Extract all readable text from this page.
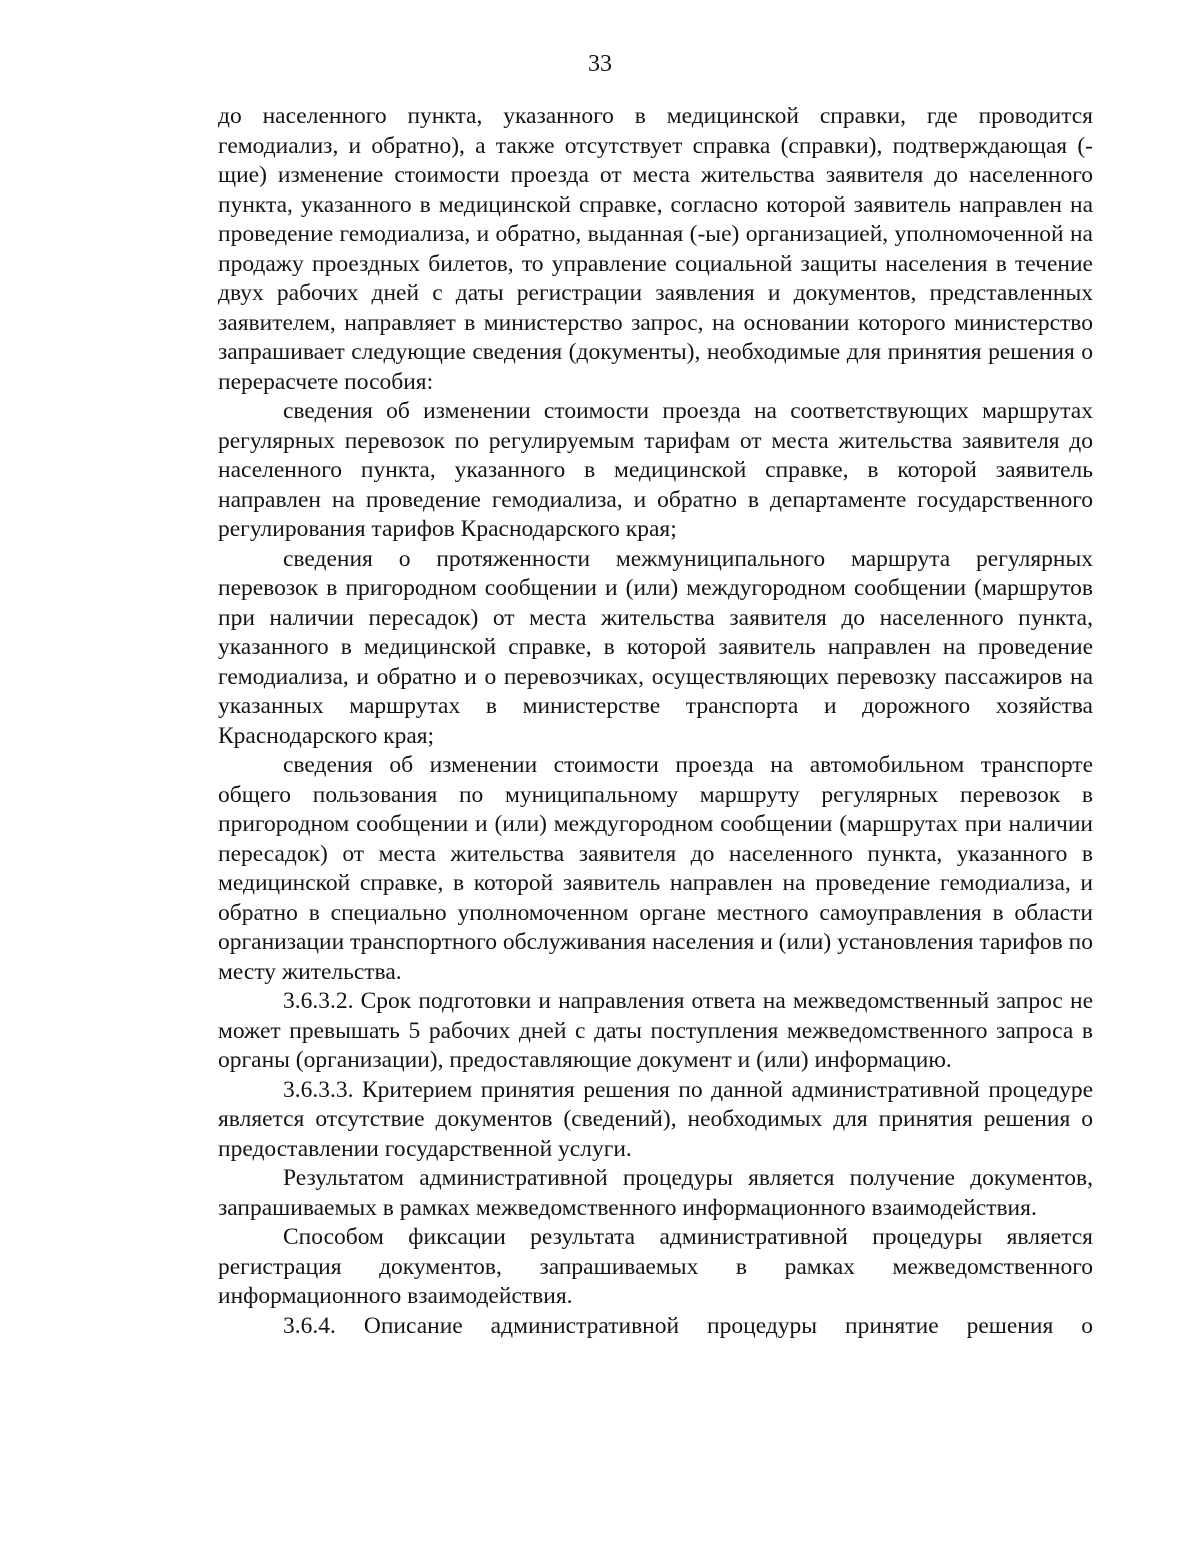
33

до населенного пункта, указанного в медицинской справки, где проводится гемодиализ, и обратно), а также отсутствует справка (справки), подтверждающая (-щие) изменение стоимости проезда от места жительства заявителя до населенного пункта, указанного в медицинской справке, согласно которой заявитель направлен на проведение гемодиализа, и обратно, выданная (-ые) организацией, уполномоченной на продажу проездных билетов, то управление социальной защиты населения в течение двух рабочих дней с даты регистрации заявления и документов, представленных заявителем, направляет в министерство запрос, на основании которого министерство запрашивает следующие сведения (документы), необходимые для принятия решения о перерасчете пособия:

сведения об изменении стоимости проезда на соответствующих маршрутах регулярных перевозок по регулируемым тарифам от места жительства заявителя до населенного пункта, указанного в медицинской справке, в которой заявитель направлен на проведение гемодиализа, и обратно в департаменте государственного регулирования тарифов Краснодарского края;

сведения о протяженности межмуниципального маршрута регулярных перевозок в пригородном сообщении и (или) междугородном сообщении (маршрутов при наличии пересадок) от места жительства заявителя до населенного пункта, указанного в медицинской справке, в которой заявитель направлен на проведение гемодиализа, и обратно и о перевозчиках, осуществляющих перевозку пассажиров на указанных маршрутах в министерстве транспорта и дорожного хозяйства Краснодарского края;

сведения об изменении стоимости проезда на автомобильном транспорте общего пользования по муниципальному маршруту регулярных перевозок в пригородном сообщении и (или) междугородном сообщении (маршрутах при наличии пересадок) от места жительства заявителя до населенного пункта, указанного в медицинской справке, в которой заявитель направлен на проведение гемодиализа, и обратно в специально уполномоченном органе местного самоуправления в области организации транспортного обслуживания населения и (или) установления тарифов по месту жительства.

3.6.3.2. Срок подготовки и направления ответа на межведомственный запрос не может превышать 5 рабочих дней с даты поступления межведомственного запроса в органы (организации), предоставляющие документ и (или) информацию.

3.6.3.3. Критерием принятия решения по данной административной процедуре является отсутствие документов (сведений), необходимых для принятия решения о предоставлении государственной услуги.

Результатом административной процедуры является получение документов, запрашиваемых в рамках межведомственного информационного взаимодействия.

Способом фиксации результата административной процедуры является регистрация документов, запрашиваемых в рамках межведомственного информационного взаимодействия.

3.6.4. Описание административной процедуры принятие решения о
